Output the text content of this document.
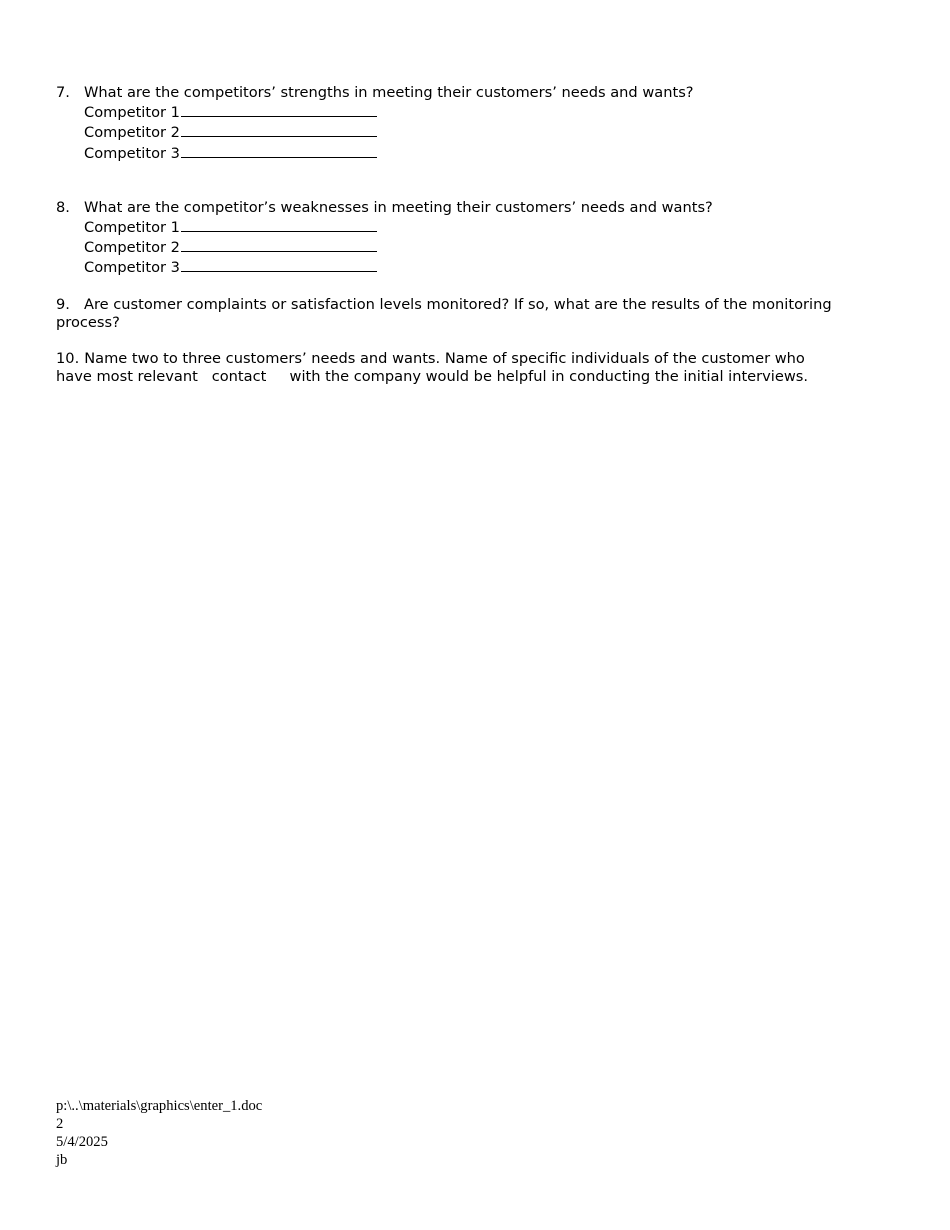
7. What are the competitors’ strengths in meeting their customers’ needs and wants?
Competitor 1
Competitor 2
Competitor 3
8. What are the competitor’s weaknesses in meeting their customers’ needs and wants?
Competitor 1
Competitor 2
Competitor 3
9. Are customer complaints or satisfaction levels monitored? If so, what are the results of the monitoring
process?
10. Name two to three customers’ needs and wants. Name of specific individuals of the customer who
have most relevant   contact     with the company would be helpful in conducting the initial interviews.
p:\..\materials\graphics\enter_1.doc
2
5/4/2025
jb
